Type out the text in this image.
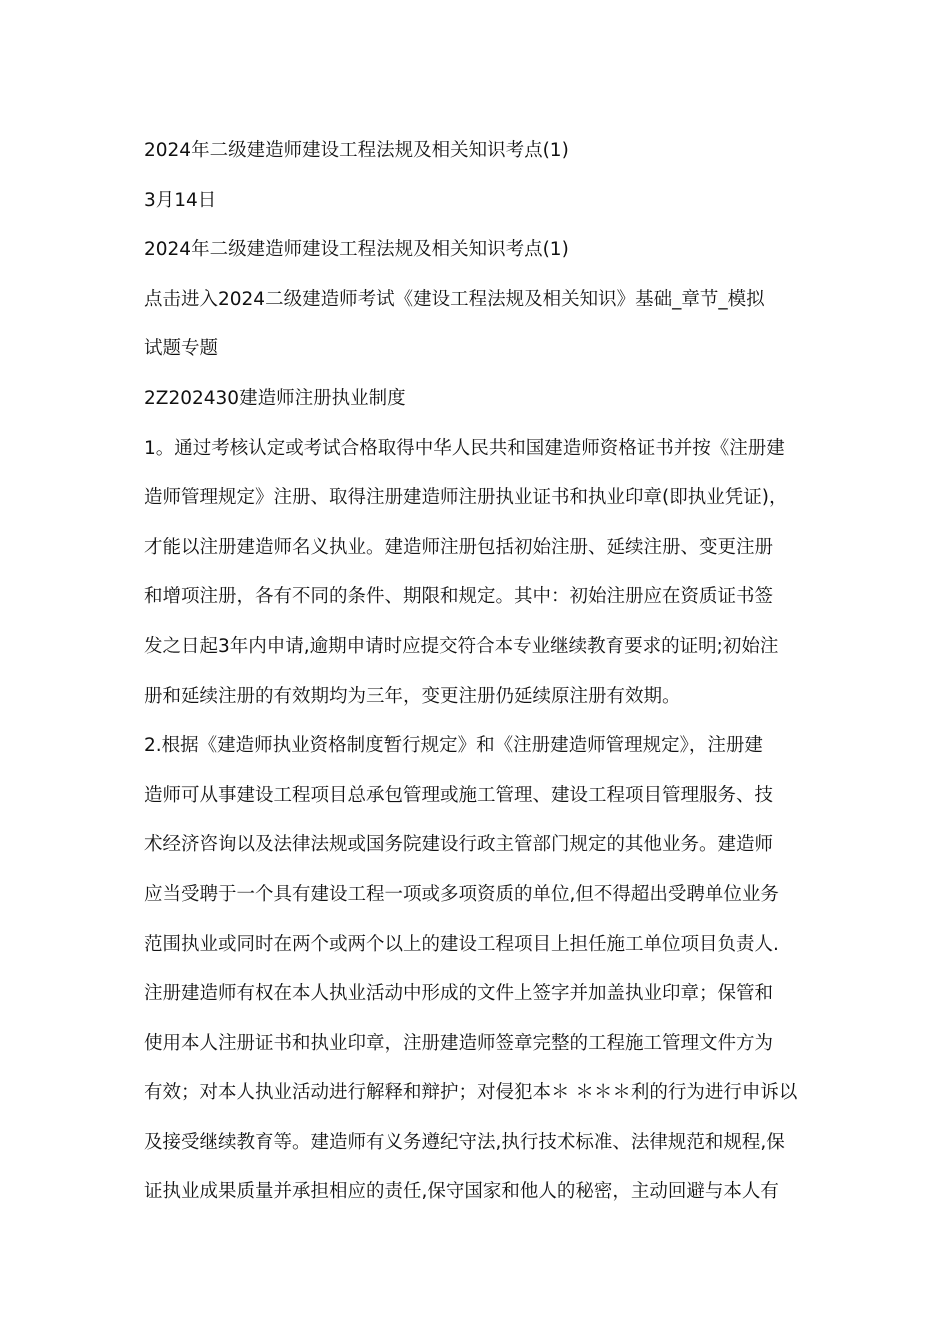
2024年二级建造师建设工程法规及相关知识考点(1)
3月14日
2024年二级建造师建设工程法规及相关知识考点(1)
点击进入2024二级建造师考试《建设工程法规及相关知识》基础_章节_模拟
试题专题
2Z202430建造师注册执业制度
1。通过考核认定或考试合格取得中华人民共和国建造师资格证书并按《注册建
造师管理规定》注册、取得注册建造师注册执业证书和执业印章(即执业凭证)，
才能以注册建造师名义执业。建造师注册包括初始注册、延续注册、变更注册
和增项注册，各有不同的条件、期限和规定。其中：初始注册应在资质证书签
发之日起3年内申请,逾期申请时应提交符合本专业继续教育要求的证明;初始注
册和延续注册的有效期均为三年，变更注册仍延续原注册有效期。
2.根据《建造师执业资格制度暂行规定》和《注册建造师管理规定》，注册建
造师可从事建设工程项目总承包管理或施工管理、建设工程项目管理服务、技
术经济咨询以及法律法规或国务院建设行政主管部门规定的其他业务。建造师
应当受聘于一个具有建设工程一项或多项资质的单位,但不得超出受聘单位业务
范围执业或同时在两个或两个以上的建设工程项目上担任施工单位项目负责人.
注册建造师有权在本人执业活动中形成的文件上签字并加盖执业印章；保管和
使用本人注册证书和执业印章，注册建造师签章完整的工程施工管理文件方为
有效；对本人执业活动进行解释和辩护；对侵犯本＊ ＊＊＊利的行为进行申诉以
及接受继续教育等。建造师有义务遵纪守法,执行技术标准、法律规范和规程,保
证执业成果质量并承担相应的责任,保守国家和他人的秘密，主动回避与本人有
